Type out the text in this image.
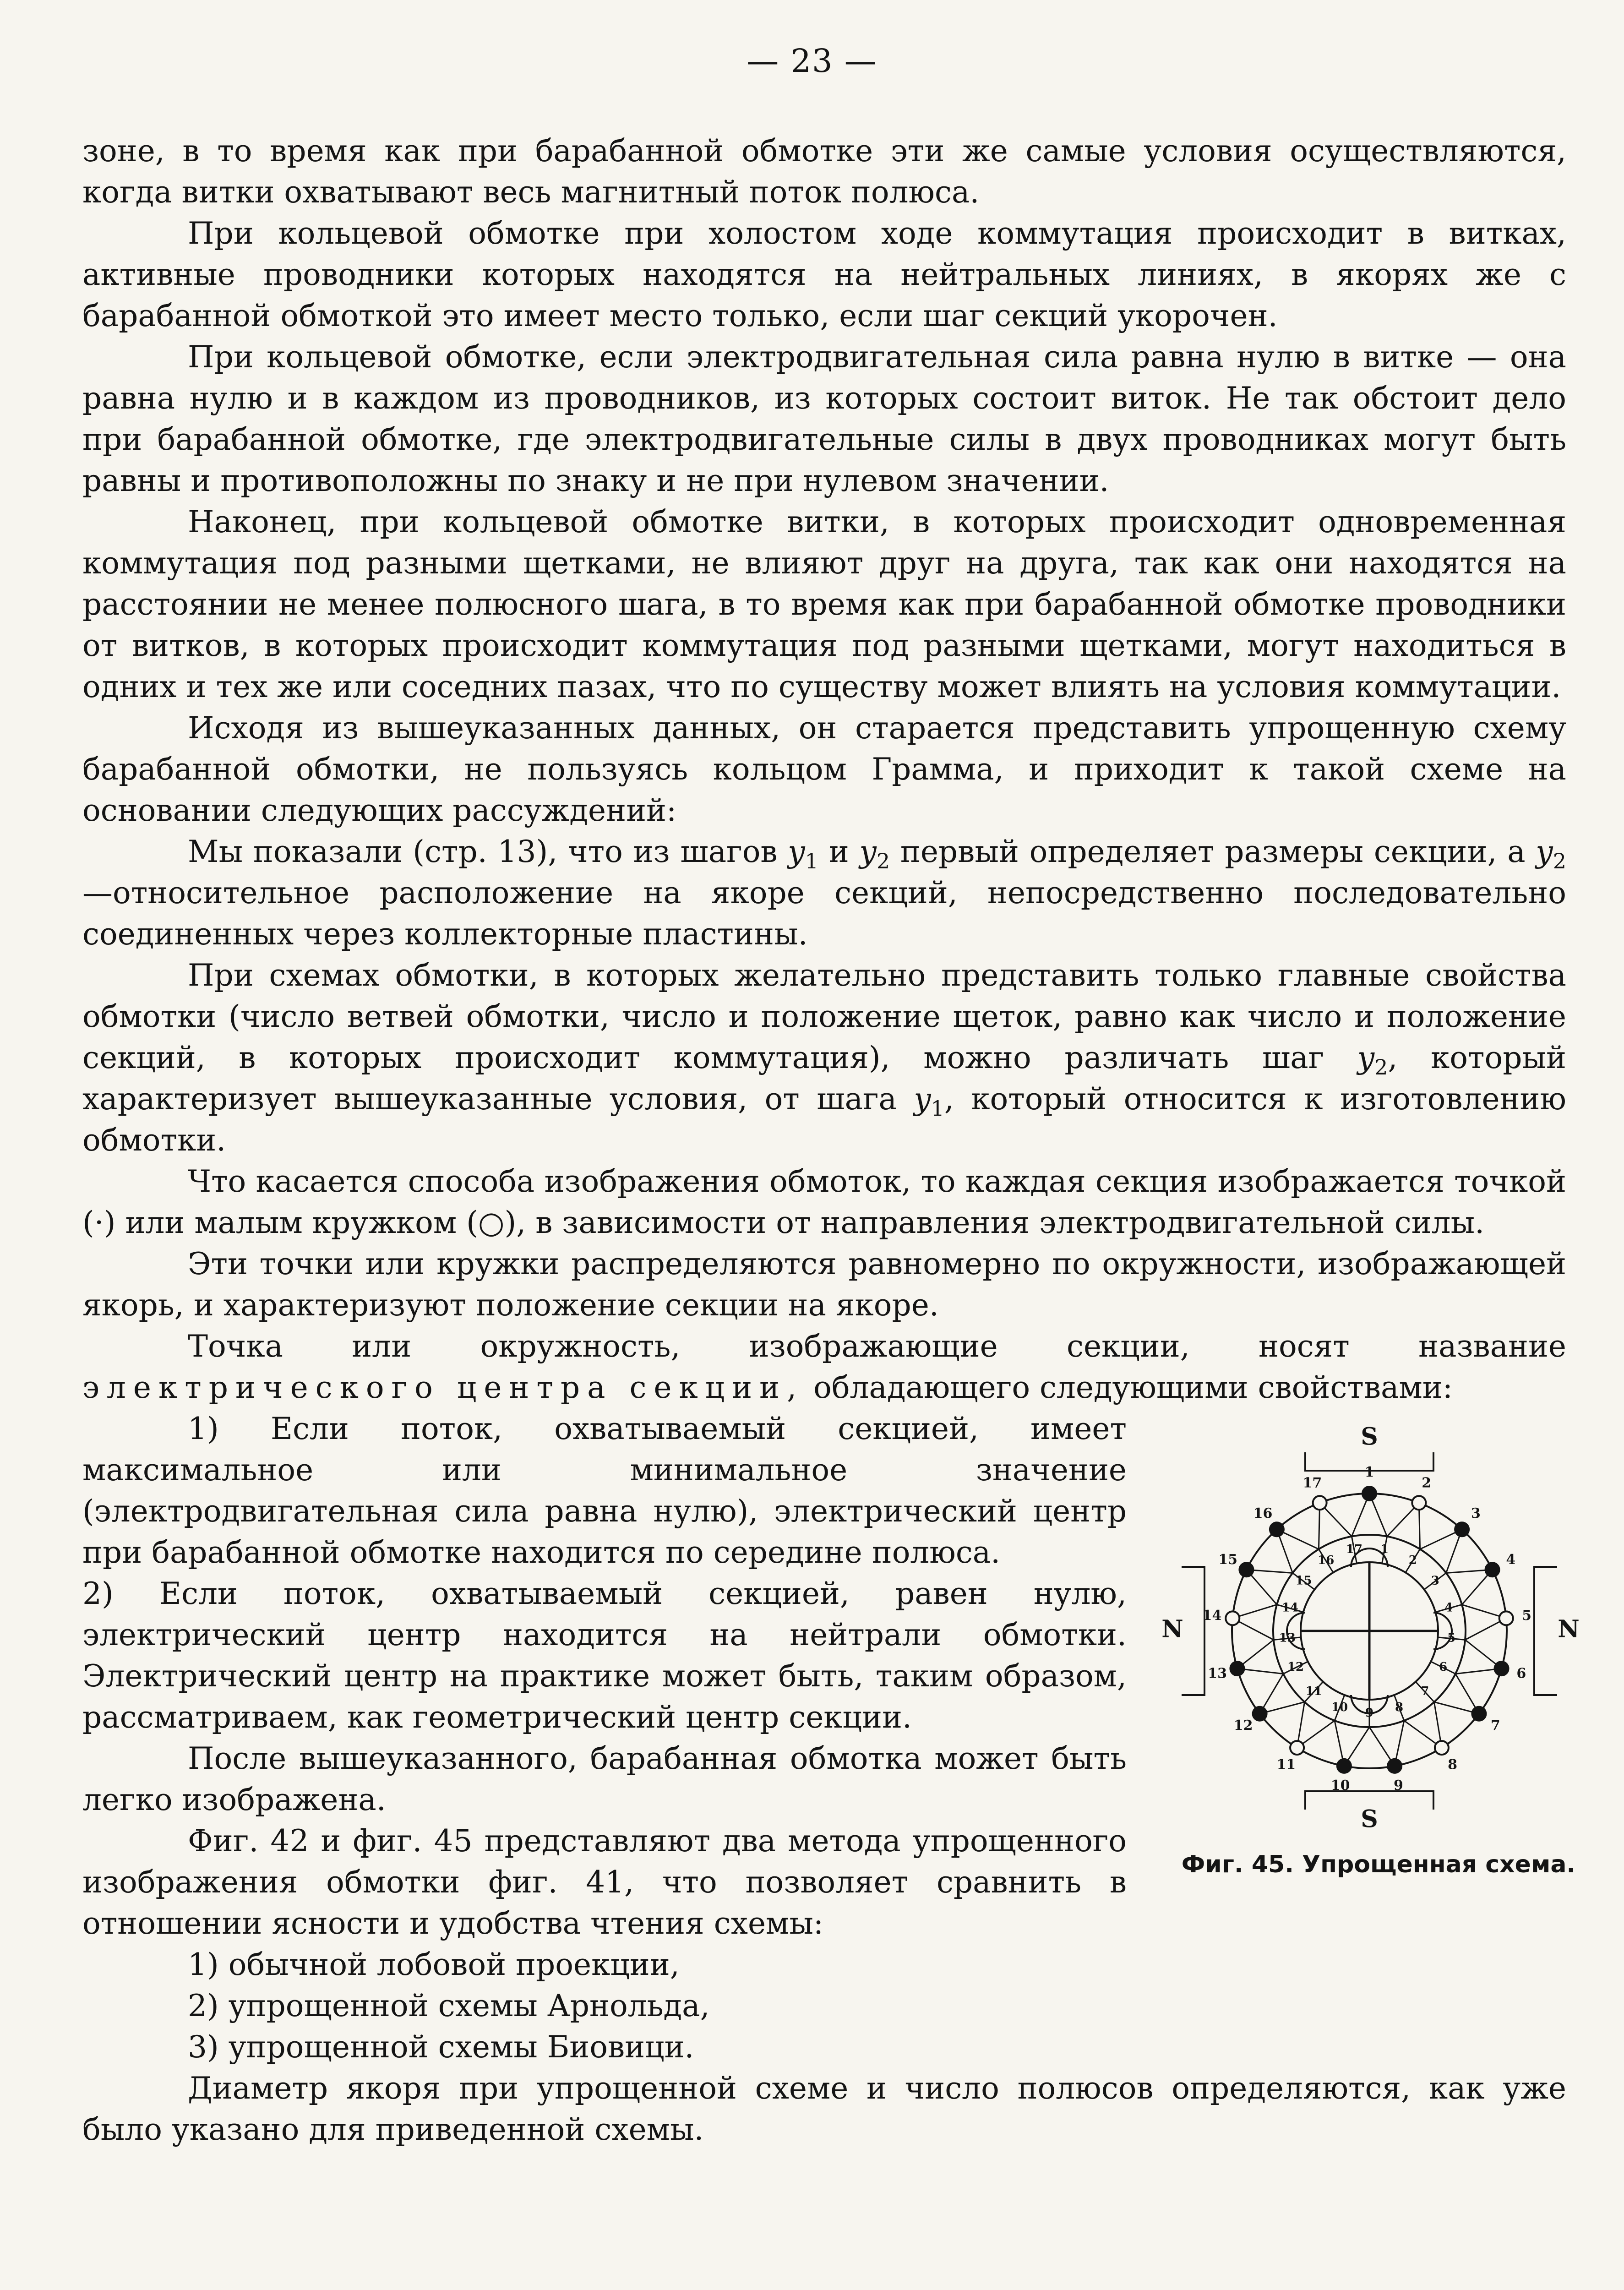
— 23 —

зоне, в то время как при барабанной обмотке эти же самые условия осуществляются, когда витки охватывают весь магнитный поток полюса.

При кольцевой обмотке при холостом ходе коммутация происходит в витках, активные проводники которых находятся на нейтральных линиях, в якорях же с барабанной обмоткой это имеет место только, если шаг секций укорочен.

При кольцевой обмотке, если электродвигательная сила равна нулю в витке — она равна нулю и в каждом из проводников, из которых состоит виток. Не так обстоит дело при барабанной обмотке, где электродвигательные силы в двух проводниках могут быть равны и противоположны по знаку и не при нулевом значении.

Наконец, при кольцевой обмотке витки, в которых происходит одновременная коммутация под разными щетками, не влияют друг на друга, так как они находятся на расстоянии не менее полюсного шага, в то время как при барабанной обмотке проводники от витков, в которых происходит коммутация под разными щетками, могут находиться в одних и тех же или соседних пазах, что по существу может влиять на условия коммутации.

Исходя из вышеуказанных данных, он старается представить упрощенную схему барабанной обмотки, не пользуясь кольцом Грамма, и приходит к такой схеме на основании следующих рассуждений:

Мы показали (стр. 13), что из шагов $y_1$ и $y_2$ первый определяет размеры секции, а $y_2—относительное$ расположение на якоре секций, непосредственно последовательно соединенных через коллекторные пластины.

При схемах обмотки, в которых желательно представить только главные свойства обмотки (число ветвей обмотки, число и положение щеток, равно как число и положение секций, в которых происходит коммутация), можно различать шаг $y_2$, который характеризует вышеуказанные условия, от шага $y_1$, который относится к изготовлению обмотки.

Что касается способа изображения обмоток, то каждая секция изображается точкой (·) или малым кружком (○), в зависимости от направления электродвигательной силы.

Эти точки или кружки распределяются равномерно по окружности, изображающей якорь, и характеризуют положение секции на якоре.

Точка или окружность, изображающие секции, носят название электрического центра секции, обладающего следующими свойствами:

S
S
N	N
1
1
2
2
3
3
4
4	5
5
6
6
7
7
8
8
9
9
10
10
11
11
12
12
13
13
14	14
15
15
16
16
17
17
Фиг. 45. Упрощенная схема.

1) Если поток, охватываемый секцией, имеет максимальное или минимальное значение (электродвигательная сила равна нулю), электрический центр при барабанной обмотке находится по середине полюса.

2) Если поток, охватываемый секцией, равен нулю, электрический центр находится на нейтрали обмотки. Электрический центр на практике может быть, таким образом, рассматриваем, как геометрический центр секции.

После вышеуказанного, барабанная обмотка может быть легко изображена.

Фиг. 42 и фиг. 45 представляют два метода упрощенного изображения обмотки фиг. 41, что позволяет сравнить в отношении ясности и удобства чтения схемы:

1) обычной лобовой проекции,
2) упрощенной схемы Арнольда,
3) упрощенной схемы Биовици.

Диаметр якоря при упрощенной схеме и число полюсов определяются, как уже было указано для приведенной схемы.
